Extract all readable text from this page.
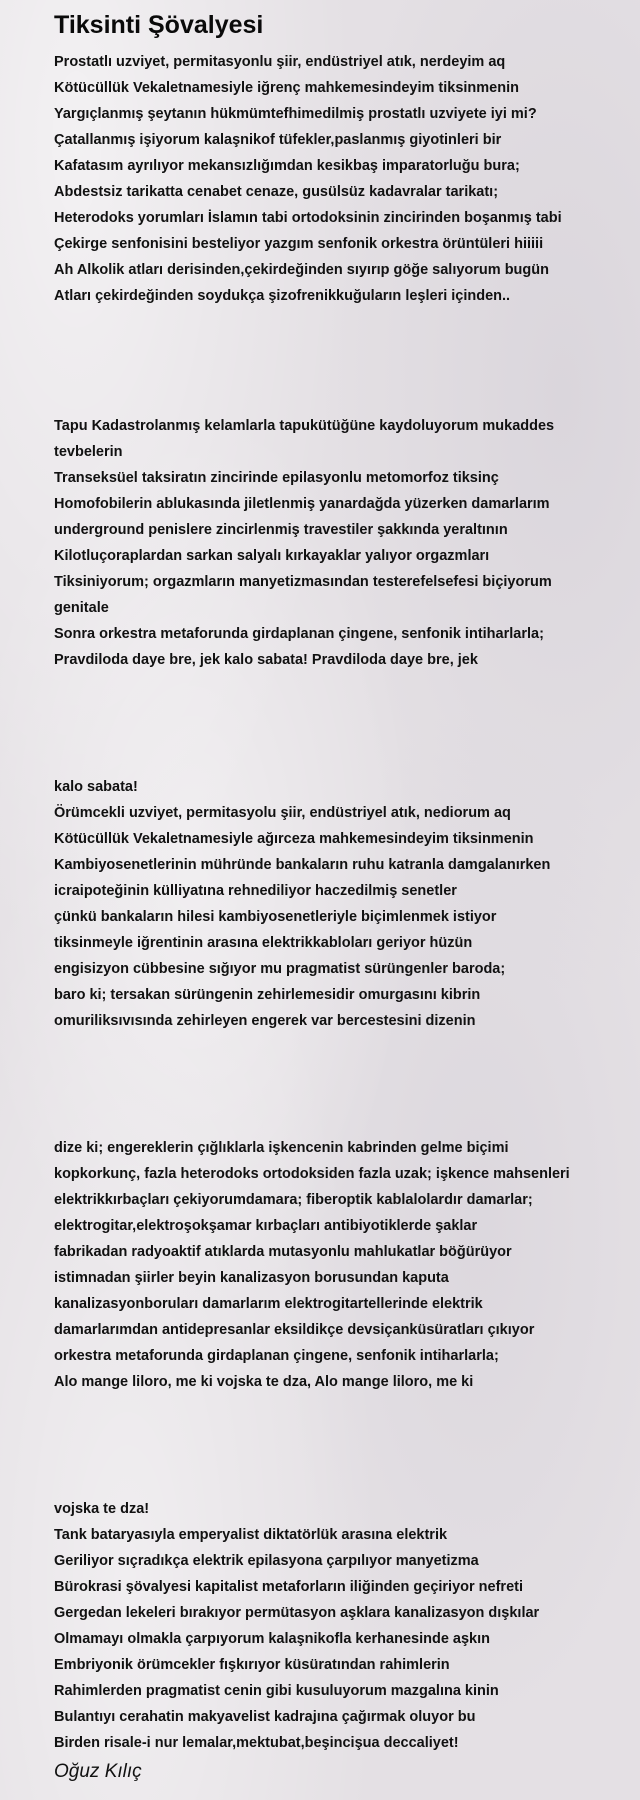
Tiksinti Şövalyesi
Prostatlı uzviyet, permitasyonlu şiir, endüstriyel atık, nerdeyim aq
Kötücüllük Vekaletnamesiyle iğrenç mahkemesindeyim tiksinmenin
Yargıçlanmış şeytanın hükmümtefhimedilmiş prostatlı uzviyete iyi mi?
Çatallanmış işiyorum kalaşnikof tüfekler,paslanmış giyotinleri bir
Kafatasım ayrılıyor mekansızlığımdan kesikbaş imparatorluğu bura;
Abdestsiz tarikatta cenabet cenaze, gusülsüz kadavralar tarikatı;
Heterodoks yorumları İslamın tabi ortodoksinin zincirinden boşanmış tabi
Çekirge senfonisini besteliyor yazgım senfonik orkestra örüntüleri hiiiii
Ah Alkolik atları derisinden,çekirdeğinden sıyırıp göğe salıyorum bugün
Atları çekirdeğinden soydukça şizofrenikkuğuların leşleri içinden..
Tapu Kadastrolanmış kelamlarla tapukütüğüne kaydoluyorum mukaddes
tevbelerin
Transeksüel taksiratın zincirinde epilasyonlu metomorfoz tiksinç
Homofobilerin ablukasında jiletlenmiş yanardağda yüzerken damarlarım
underground penislere zincirlenmiş travestiler şakkında yeraltının
Kilotluçoraplardan sarkan salyalı kırkayaklar yalıyor orgazmları
Tiksiniyorum; orgazmların manyetizmasından testerefelsefesi biçiyorum
genitale
Sonra orkestra metaforunda girdaplanan çingene, senfonik intiharlarla;
Pravdiloda daye bre, jek kalo sabata! Pravdiloda daye bre, jek
kalo sabata!
Örümcekli uzviyet, permitasyolu şiir, endüstriyel atık, nediorum aq
Kötücüllük Vekaletnamesiyle ağırceza mahkemesindeyim tiksinmenin
Kambiyosenetlerinin mühründe bankaların ruhu katranla damgalanırken
icraipoteğinin külliyatına rehnediliyor haczedilmiş senetler
çünkü bankaların hilesi kambiyosenetleriyle biçimlenmek istiyor
tiksinmeyle iğrentinin arasına elektrikkabloları geriyor hüzün
engisizyon cübbesine sığıyor mu pragmatist sürüngenler baroda;
baro ki; tersakan sürüngenin zehirlemesidir omurgasını kibrin
omuriliksıvısında zehirleyen engerek var bercestesini dizenin
dize ki; engereklerin çığlıklarla işkencenin kabrinden gelme biçimi
kopkorkunç, fazla heterodoks ortodoksiden fazla uzak; işkence mahsenleri
elektrikkırbaçları çekiyorumdamara; fiberoptik kablalolardır damarlar;
elektrogitar,elektroşokşamar kırbaçları antibiyotiklerde şaklar
fabrikadan radyoaktif atıklarda mutasyonlu mahlukatlar böğürüyor
istimnadan şiirler beyin kanalizasyon borusundan kaputa
kanalizasyonboruları damarlarım elektrogitartellerinde elektrik
damarlarımdan antidepresanlar eksildikçe devsiçanküsüratları çıkıyor
orkestra metaforunda girdaplanan çingene, senfonik intiharlarla;
Alo mange liloro, me ki vojska te dza, Alo mange liloro, me ki
vojska te dza!
Tank bataryasıyla emperyalist diktatörlük arasına elektrik
Geriliyor sıçradıkça elektrik epilasyona çarpılıyor manyetizma
Bürokrasi şövalyesi kapitalist metaforların iliğinden geçiriyor nefreti
Gergedan lekeleri bırakıyor permütasyon aşklara kanalizasyon dışkılar
Olmamayı olmakla çarpıyorum kalaşnikofla kerhanesinde aşkın
Embriyonik örümcekler fışkırıyor küsüratından rahimlerin
Rahimlerden pragmatist cenin gibi kusuluyorum mazgalına kinin
Bulantıyı cerahatin makyavelist kadrajına çağırmak oluyor bu
Birden risale-i nur lemalar,mektubat,beşincişua deccaliyet!
Oğuz Kılıç
